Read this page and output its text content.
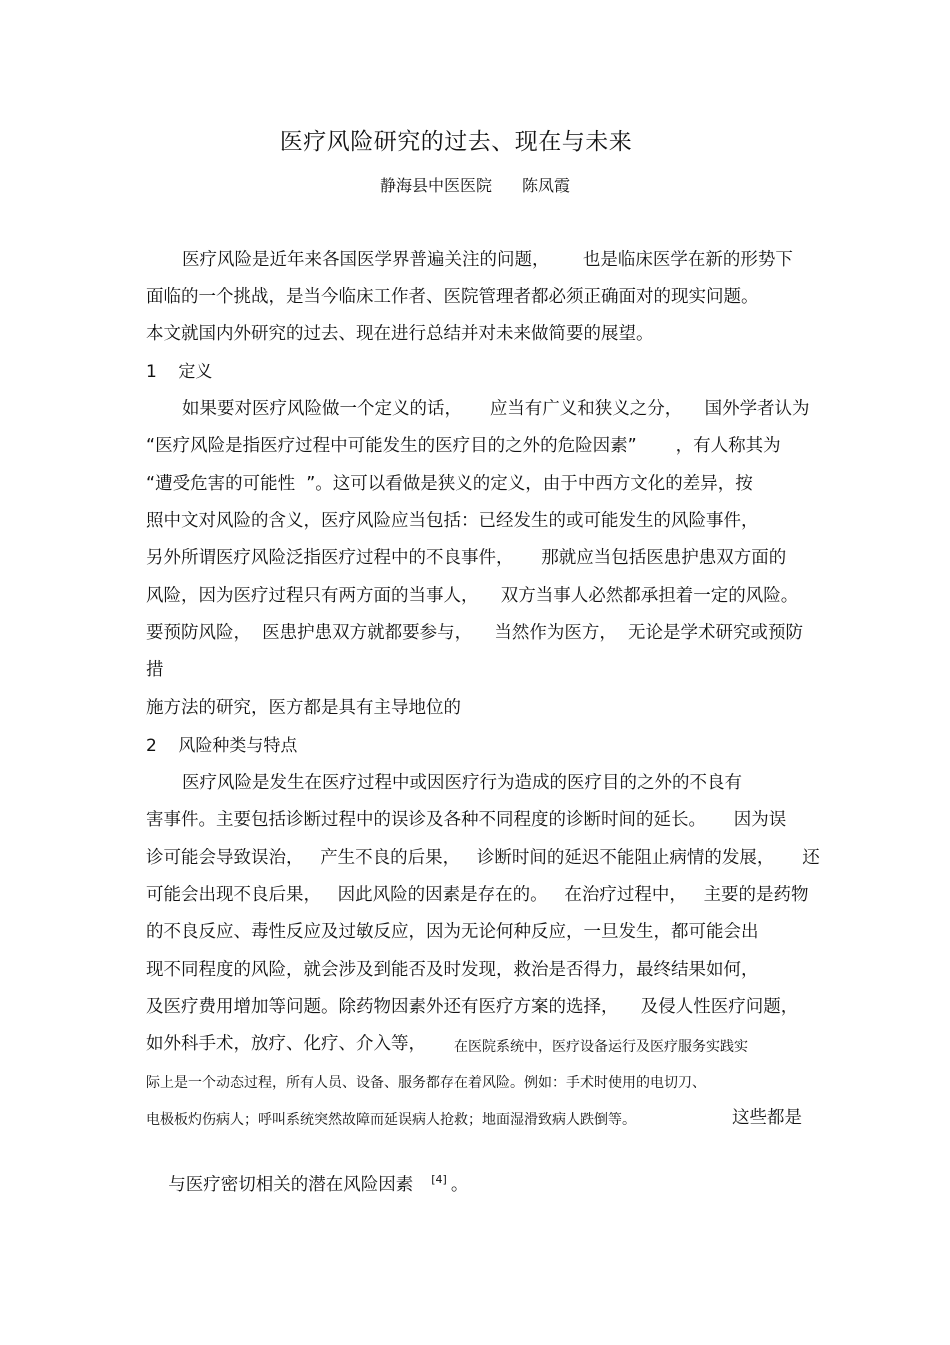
医疗风险研究的过去、现在与未来
静海县中医医院 陈凤霞
医疗风险是近年来各国医学界普遍关注的问题，      也是临床医学在新的形势下
面临的一个挑战，是当今临床工作者、医院管理者都必须正确面对的现实问题。
本文就国内外研究的过去、现在进行总结并对未来做简要的展望。
1    定义
如果要对医疗风险做一个定义的话，     应当有广义和狭义之分，    国外学者认为
“医疗风险是指医疗过程中可能发生的医疗目的之外的危险因素”       ，有人称其为
“遭受危害的可能性  ”。这可以看做是狭义的定义，由于中西方文化的差异，按
照中文对风险的含义，医疗风险应当包括：已经发生的或可能发生的风险事件，
另外所谓医疗风险泛指医疗过程中的不良事件，     那就应当包括医患护患双方面的
风险，因为医疗过程只有两方面的当事人，    双方当事人必然都承担着一定的风险。
要预防风险，  医患护患双方就都要参与，    当然作为医方，  无论是学术研究或预防
措
施方法的研究，医方都是具有主导地位的
2    风险种类与特点
医疗风险是发生在医疗过程中或因医疗行为造成的医疗目的之外的不良有
害事件。主要包括诊断过程中的误诊及各种不同程度的诊断时间的延长。     因为误
诊可能会导致误治，   产生不良的后果，   诊断时间的延迟不能阻止病情的发展，     还
可能会出现不良后果，   因此风险的因素是存在的。   在治疗过程中，   主要的是药物
的不良反应、毒性反应及过敏反应，因为无论何种反应，一旦发生，都可能会出
现不同程度的风险，就会涉及到能否及时发现，救治是否得力，最终结果如何，
及医疗费用增加等问题。除药物因素外还有医疗方案的选择，    及侵人性医疗问题，
如外科手术，放疗、化疗、介入等， 在医院系统中，医疗设备运行及医疗服务实践实
际上是一个动态过程，所有人员、设备、服务都存在着风险。例如：手术时使用的电切刀、
电极板灼伤病人；呼叫系统突然故障而延误病人抢救；地面湿滑致病人跌倒等。	这些都是

与医疗密切相关的潜在风险因素 [4] 。
